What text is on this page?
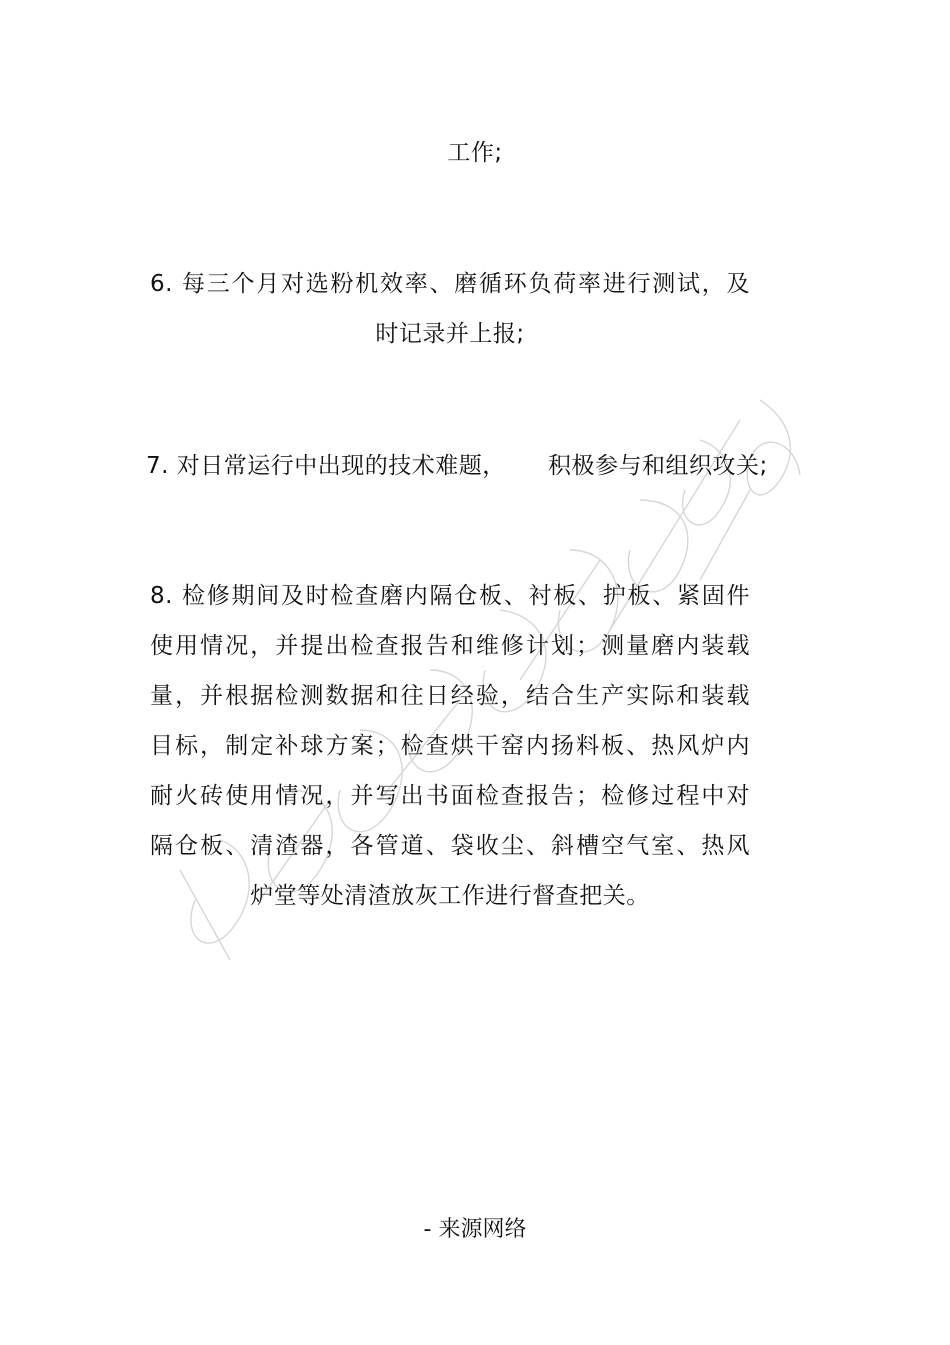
工作;
6. 每三个月对选粉机效率、磨循环负荷率进行测试，及
时记录并上报;
7. 对日常运行中出现的技术难题， 积极参与和组织攻关;
8. 检修期间及时检查磨内隔仓板、衬板、护板、紧固件
使用情况，并提出检查报告和维修计划；测量磨内装载
量，并根据检测数据和往日经验，结合生产实际和装载
目标，制定补球方案；检查烘干窑内扬料板、热风炉内
耐火砖使用情况，并写出书面检查报告；检修过程中对
隔仓板、清渣器，各管道、袋收尘、斜槽空气室、热风
炉堂等处清渣放灰工作进行督查把关。
- 来源网络
